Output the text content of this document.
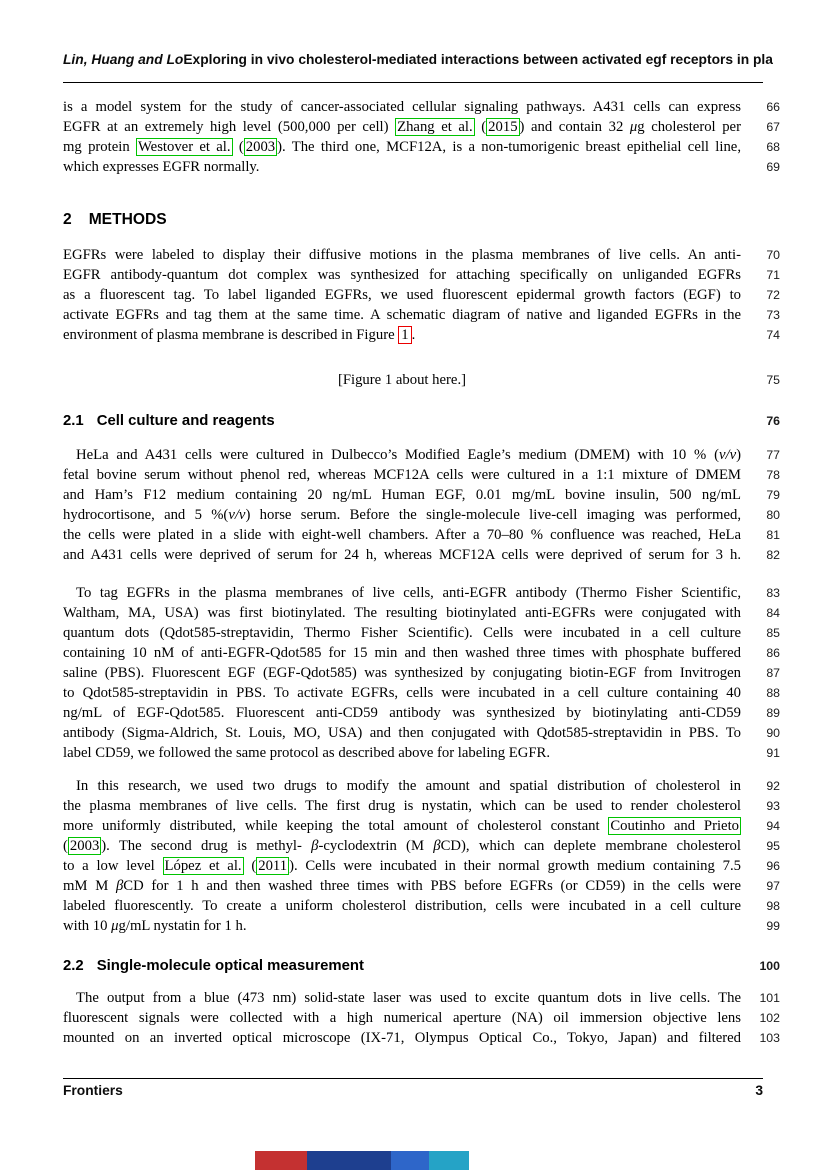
Lin, Huang and LoExploring in vivo cholesterol-mediated interactions between activated egf receptors in pla
is a model system for the study of cancer-associated cellular signaling pathways. A431 cells can express	66
EGFR at an extremely high level (500,000 per cell) Zhang et al. ( 2015 ) and contain 32 μg cholesterol per	67
mg protein Westover et al. ( 2003 ). The third one, MCF12A, is a non-tumorigenic breast epithelial cell line,	68
which expresses EGFR normally.	69
2 METHODS
EGFRs were labeled to display their diffusive motions in the plasma membranes of live cells. An anti-	70
EGFR antibody-quantum dot complex was synthesized for attaching specifically on unliganded EGFRs	71
as a fluorescent tag. To label liganded EGFRs, we used fluorescent epidermal growth factors (EGF) to	72
activate EGFRs and tag them at the same time. A schematic diagram of native and liganded EGFRs in the	73
environment of plasma membrane is described in Figure 1 .	74
[Figure 1 about here.]	75
2.1 Cell culture and reagents	76
HeLa and A431 cells were cultured in Dulbecco’s Modified Eagle’s medium (DMEM) with 10 % (v/v)	77
fetal bovine serum without phenol red, whereas MCF12A cells were cultured in a 1:1 mixture of DMEM	78
and Ham’s F12 medium containing 20 ng/mL Human EGF, 0.01 mg/mL bovine insulin, 500 ng/mL	79
hydrocortisone, and 5 %(v/v) horse serum. Before the single-molecule live-cell imaging was performed,	80
the cells were plated in a slide with eight-well chambers. After a 70–80 % confluence was reached, HeLa	81
and A431 cells were deprived of serum for 24 h, whereas MCF12A cells were deprived of serum for 3 h.	82
To tag EGFRs in the plasma membranes of live cells, anti-EGFR antibody (Thermo Fisher Scientific,	83
Waltham, MA, USA) was first biotinylated. The resulting biotinylated anti-EGFRs were conjugated with	84
quantum dots (Qdot585-streptavidin, Thermo Fisher Scientific). Cells were incubated in a cell culture	85
containing 10 nM of anti-EGFR-Qdot585 for 15 min and then washed three times with phosphate buffered	86
saline (PBS). Fluorescent EGF (EGF-Qdot585) was synthesized by conjugating biotin-EGF from Invitrogen	87
to Qdot585-streptavidin in PBS. To activate EGFRs, cells were incubated in a cell culture containing 40	88
ng/mL of EGF-Qdot585. Fluorescent anti-CD59 antibody was synthesized by biotinylating anti-CD59	89
antibody (Sigma-Aldrich, St. Louis, MO, USA) and then conjugated with Qdot585-streptavidin in PBS. To	90
label CD59, we followed the same protocol as described above for labeling EGFR.	91
In this research, we used two drugs to modify the amount and spatial distribution of cholesterol in	92
the plasma membranes of live cells. The first drug is nystatin, which can be used to render cholesterol	93
more uniformly distributed, while keeping the total amount of cholesterol constant Coutinho and Prieto	94
( 2003 ). The second drug is methyl- β-cyclodextrin (M βCD), which can deplete membrane cholesterol	95
to a low level López et al. ( 2011 ). Cells were incubated in their normal growth medium containing 7.5	96
mM M βCD for 1 h and then washed three times with PBS before EGFRs (or CD59) in the cells were	97
labeled fluorescently. To create a uniform cholesterol distribution, cells were incubated in a cell culture	98
with 10 μg/mL nystatin for 1 h.	99
2.2 Single-molecule optical measurement	100
The output from a blue (473 nm) solid-state laser was used to excite quantum dots in live cells. The	101
fluorescent signals were collected with a high numerical aperture (NA) oil immersion objective lens	102
mounted on an inverted optical microscope (IX-71, Olympus Optical Co., Tokyo, Japan) and filtered	103
Frontiers	3
